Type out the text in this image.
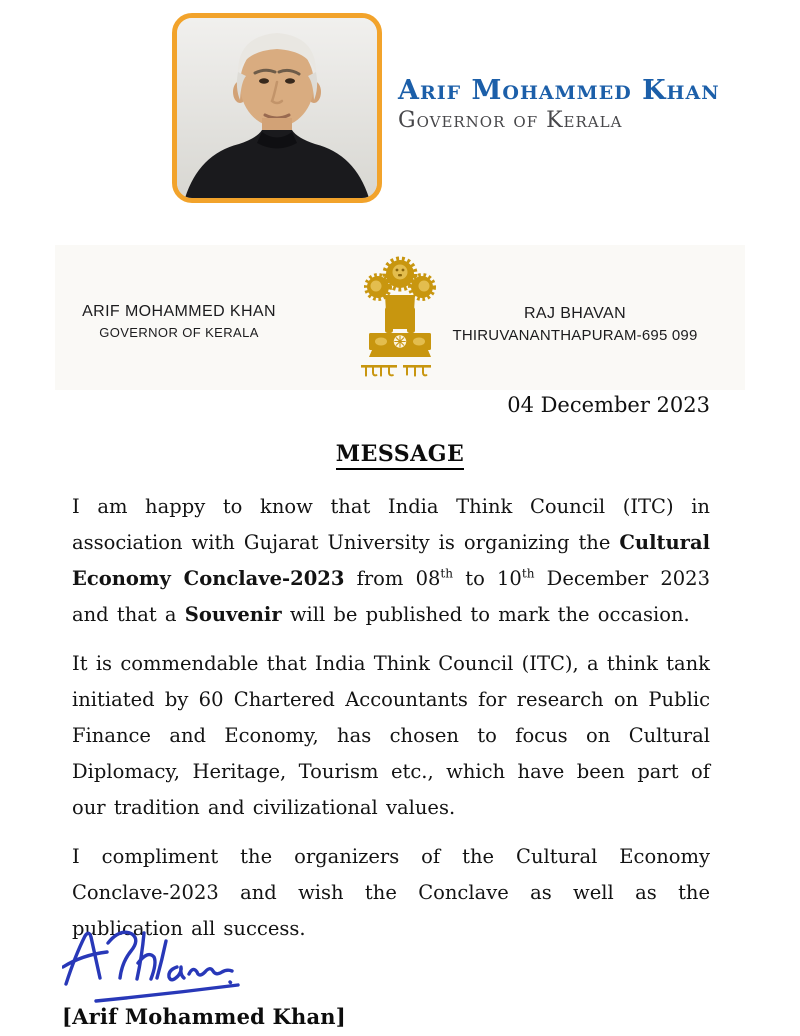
Arif Mohammed Khan
Governor of Kerala
ARIF MOHAMMED KHAN
GOVERNOR OF KERALA
RAJ BHAVAN
THIRUVANANTHAPURAM-695 099
04 December 2023
MESSAGE

I am happy to know that India Think Council (ITC) in association with Gujarat University is organizing the Cultural Economy Conclave-2023 from 08th to 10th December 2023 and that a Souvenir will be published to mark the occasion.

It is commendable that India Think Council (ITC), a think tank initiated by 60 Chartered Accountants for research on Public Finance and Economy, has chosen to focus on Cultural Diplomacy, Heritage, Tourism etc., which have been part of our tradition and civilizational values.

I compliment the organizers of the Cultural Economy Conclave-2023 and wish the Conclave as well as the publication all success.

[Arif Mohammed Khan]
